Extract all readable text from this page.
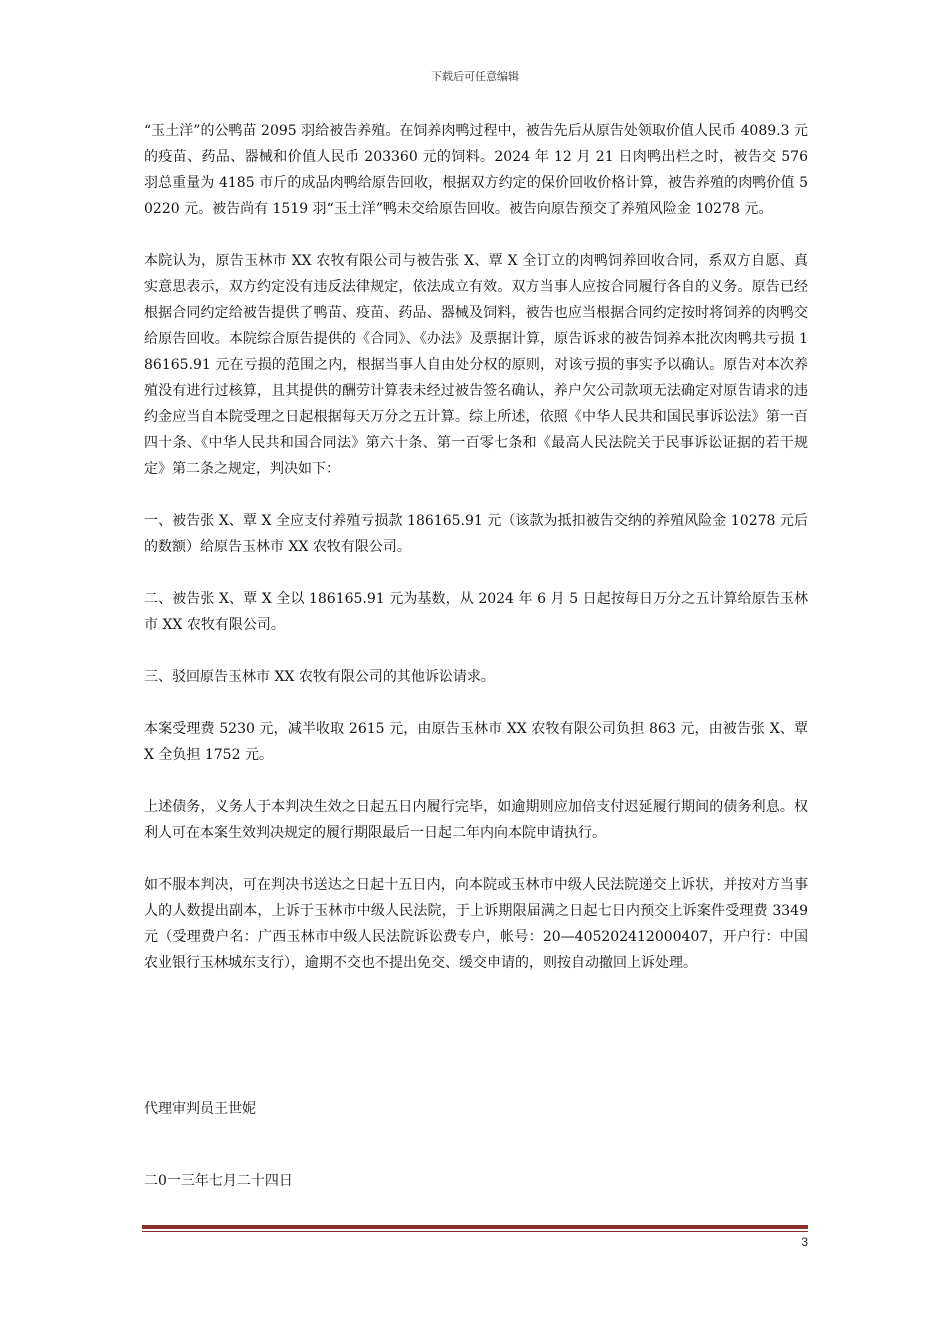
下载后可任意编辑

“玉土洋”的公鸭苗 2095 羽给被告养殖。在饲养肉鸭过程中，被告先后从原告处领取价值人民币 4089.3 元的疫苗、药品、器械和价值人民币 203360 元的饲料。2024 年 12 月 21 日肉鸭出栏之时，被告交 576 羽总重量为 4185 市斤的成品肉鸭给原告回收，根据双方约定的保价回收价格计算，被告养殖的肉鸭价值 50220 元。被告尚有 1519 羽“玉土洋”鸭未交给原告回收。被告向原告预交了养殖风险金 10278 元。

本院认为，原告玉林市 XX 农牧有限公司与被告张 X、覃 X 全订立的肉鸭饲养回收合同，系双方自愿、真实意思表示，双方约定没有违反法律规定，依法成立有效。双方当事人应按合同履行各自的义务。原告已经根据合同约定给被告提供了鸭苗、疫苗、药品、器械及饲料，被告也应当根据合同约定按时将饲养的肉鸭交给原告回收。本院综合原告提供的《合同》、《办法》及票据计算，原告诉求的被告饲养本批次肉鸭共亏损 186165.91 元在亏损的范围之内，根据当事人自由处分权的原则，对该亏损的事实予以确认。原告对本次养殖没有进行过核算，且其提供的酬劳计算表未经过被告签名确认，养户欠公司款项无法确定对原告请求的违约金应当自本院受理之日起根据每天万分之五计算。综上所述，依照《中华人民共和国民事诉讼法》第一百四十条、《中华人民共和国合同法》第六十条、第一百零七条和《最高人民法院关于民事诉讼证据的若干规定》第二条之规定，判决如下：

一、被告张 X、覃 X 全应支付养殖亏损款 186165.91 元（该款为抵扣被告交纳的养殖风险金 10278 元后的数额）给原告玉林市 XX 农牧有限公司。

二、被告张 X、覃 X 全以 186165.91 元为基数，从 2024 年 6 月 5 日起按每日万分之五计算给原告玉林市 XX 农牧有限公司。

三、驳回原告玉林市 XX 农牧有限公司的其他诉讼请求。

本案受理费 5230 元，减半收取 2615 元，由原告玉林市 XX 农牧有限公司负担 863 元，由被告张 X、覃 X 全负担 1752 元。

上述债务，义务人于本判决生效之日起五日内履行完毕，如逾期则应加倍支付迟延履行期间的债务利息。权利人可在本案生效判决规定的履行期限最后一日起二年内向本院申请执行。

如不服本判决，可在判决书送达之日起十五日内，向本院或玉林市中级人民法院递交上诉状，并按对方当事人的人数提出副本，上诉于玉林市中级人民法院，于上诉期限届满之日起七日内预交上诉案件受理费 3349 元（受理费户名：广西玉林市中级人民法院诉讼费专户，帐号：20—405202412000407，开户行：中国农业银行玉林城东支行），逾期不交也不提出免交、缓交申请的，则按自动撤回上诉处理。

代理审判员王世妮

二0一三年七月二十四日

3
